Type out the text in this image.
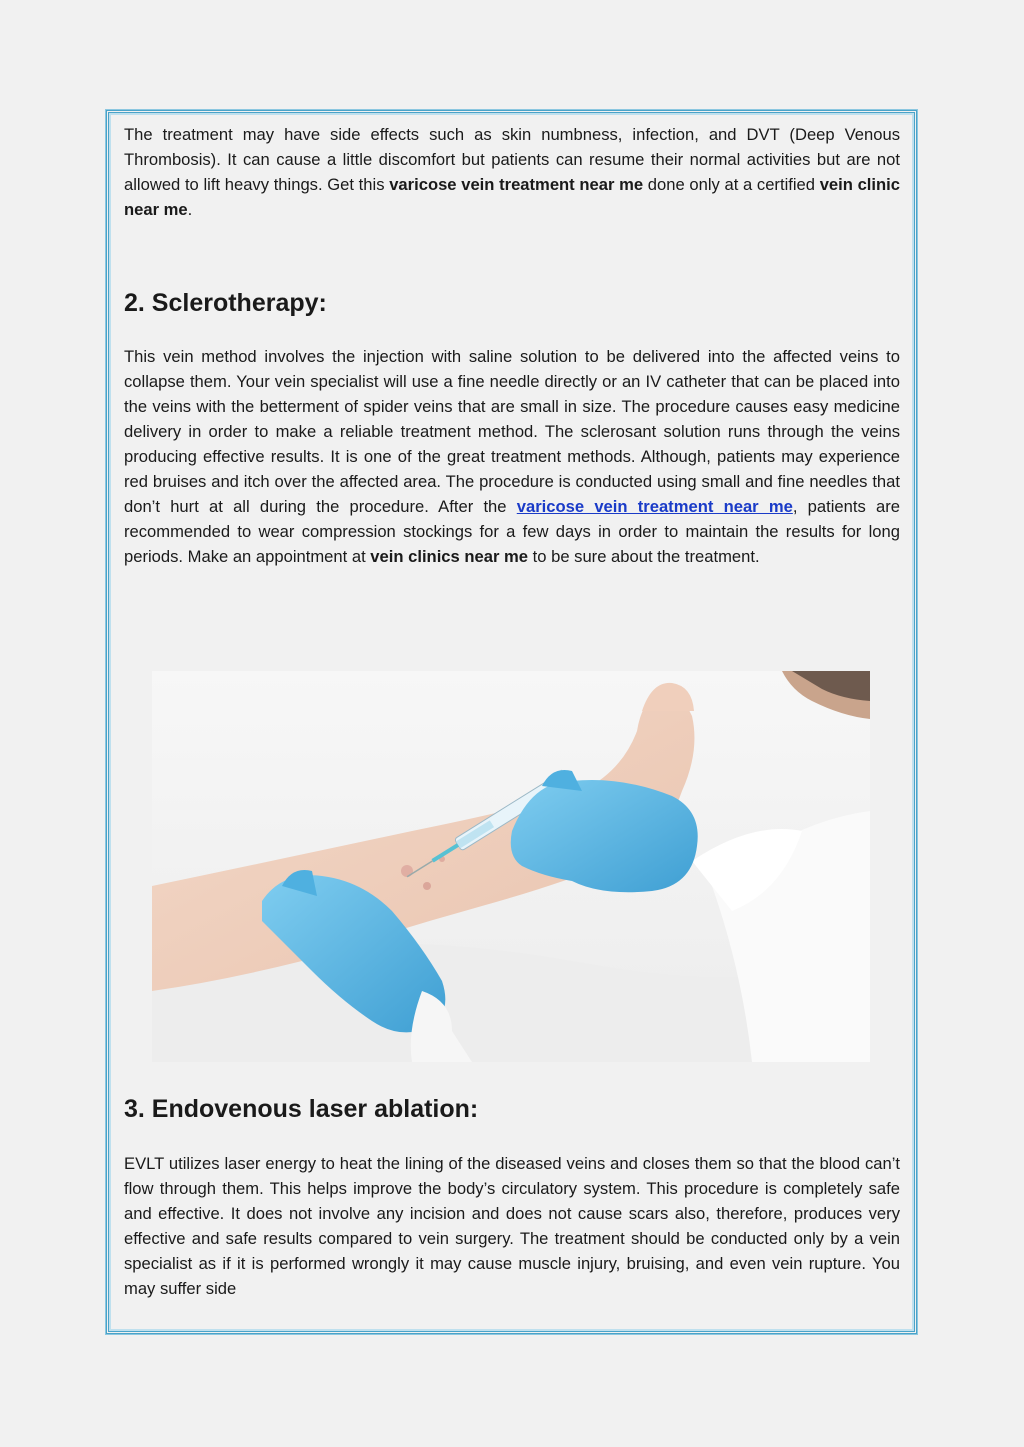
The treatment may have side effects such as skin numbness, infection, and DVT (Deep Venous Thrombosis). It can cause a little discomfort but patients can resume their normal activities but are not allowed to lift heavy things. Get this varicose vein treatment near me done only at a certified vein clinic near me.

2. Sclerotherapy:

This vein method involves the injection with saline solution to be delivered into the affected veins to collapse them. Your vein specialist will use a fine needle directly or an IV catheter that can be placed into the veins with the betterment of spider veins that are small in size. The procedure causes easy medicine delivery in order to make a reliable treatment method. The sclerosant solution runs through the veins producing effective results. It is one of the great treatment methods. Although, patients may experience red bruises and itch over the affected area. The procedure is conducted using small and fine needles that don’t hurt at all during the procedure. After the varicose vein treatment near me, patients are recommended to wear compression stockings for a few days in order to maintain the results for long periods. Make an appointment at vein clinics near me to be sure about the treatment.

3. Endovenous laser ablation:

EVLT utilizes laser energy to heat the lining of the diseased veins and closes them so that the blood can’t flow through them. This helps improve the body’s circulatory system. This procedure is completely safe and effective. It does not involve any incision and does not cause scars also, therefore, produces very effective and safe results compared to vein surgery. The treatment should be conducted only by a vein specialist as if it is performed wrongly it may cause muscle injury, bruising, and even vein rupture. You may suffer side
